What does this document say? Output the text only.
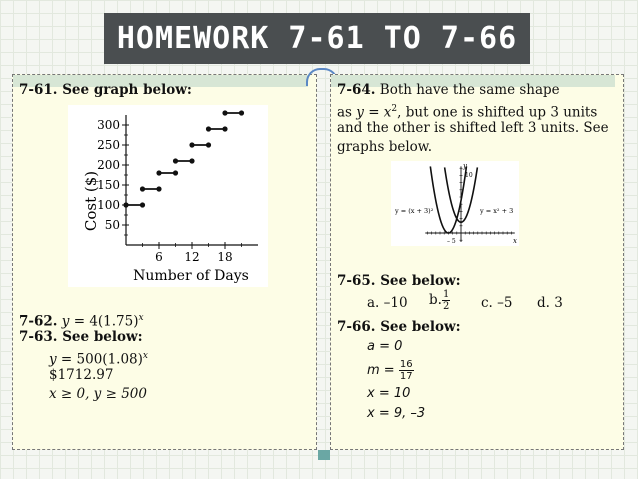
HOMEWORK 7-61 TO 7-66
7-61. See graph below:
Cost ($)
Number of Days
300
250
200
150
100
50
6 12 18
7-62. $y = 4(1.75)^x$
7-63. See below:
$y = 500(1.08)^x$
$1712.97
x ≥ 0, y ≥ 500
7-64. Both have the same shape
as $y = x^2$, but one is shifted up 3 units
and the other is shifted left 3 units. See
graphs below.
y
10
x
– 5
y = (x + 3)²	y = x² + 3
7-65. See below:
a. –10 b. $\frac{1}{2} c$. –5 d. 3
7-66. See below:
a = 0
$m = \frac{16}{17}$
x = 10
x = 9, –3
